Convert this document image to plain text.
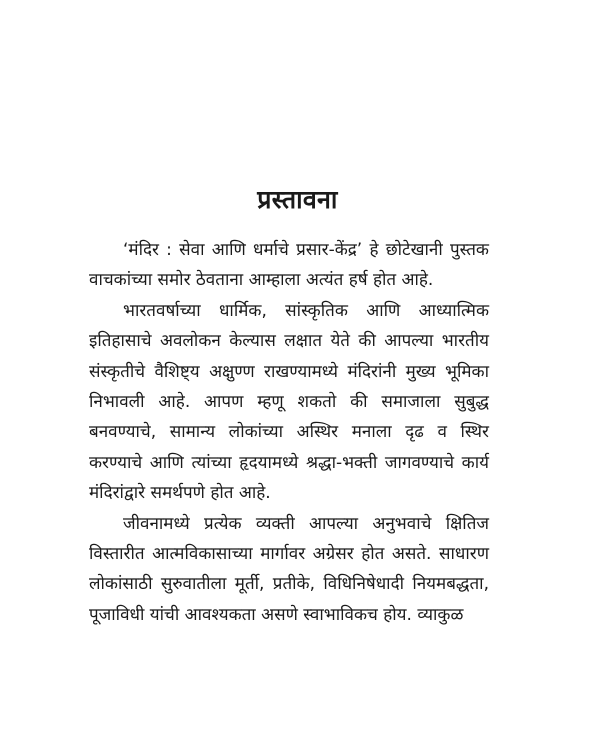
प्रस्तावना

‘मंदिर : सेवा आणि धर्माचे प्रसार-केंद्र’ हे छोटेखानी पुस्तक वाचकांच्या समोर ठेवताना आम्हाला अत्यंत हर्ष होत आहे.

भारतवर्षाच्या धार्मिक, सांस्कृतिक आणि आध्यात्मिक इतिहासाचे अवलोकन केल्यास लक्षात येते की आपल्या भारतीय संस्कृतीचे वैशिष्ट्य अक्षुण्ण राखण्यामध्ये मंदिरांनी मुख्य भूमिका निभावली आहे. आपण म्हणू शकतो की समाजाला सुबुद्ध बनवण्याचे, सामान्य लोकांच्या अस्थिर मनाला दृढ व स्थिर करण्याचे आणि त्यांच्या हृदयामध्ये श्रद्धा-भक्ती जागवण्याचे कार्य मंदिरांद्वारे समर्थपणे होत आहे.

जीवनामध्ये प्रत्येक व्यक्ती आपल्या अनुभवाचे क्षितिज विस्तारीत आत्मविकासाच्या मार्गावर अग्रेसर होत असते. साधारण लोकांसाठी सुरुवातीला मूर्ती, प्रतीके, विधिनिषेधादी नियमबद्धता, पूजाविधी यांची आवश्यकता असणे स्वाभाविकच होय. व्याकुळ
